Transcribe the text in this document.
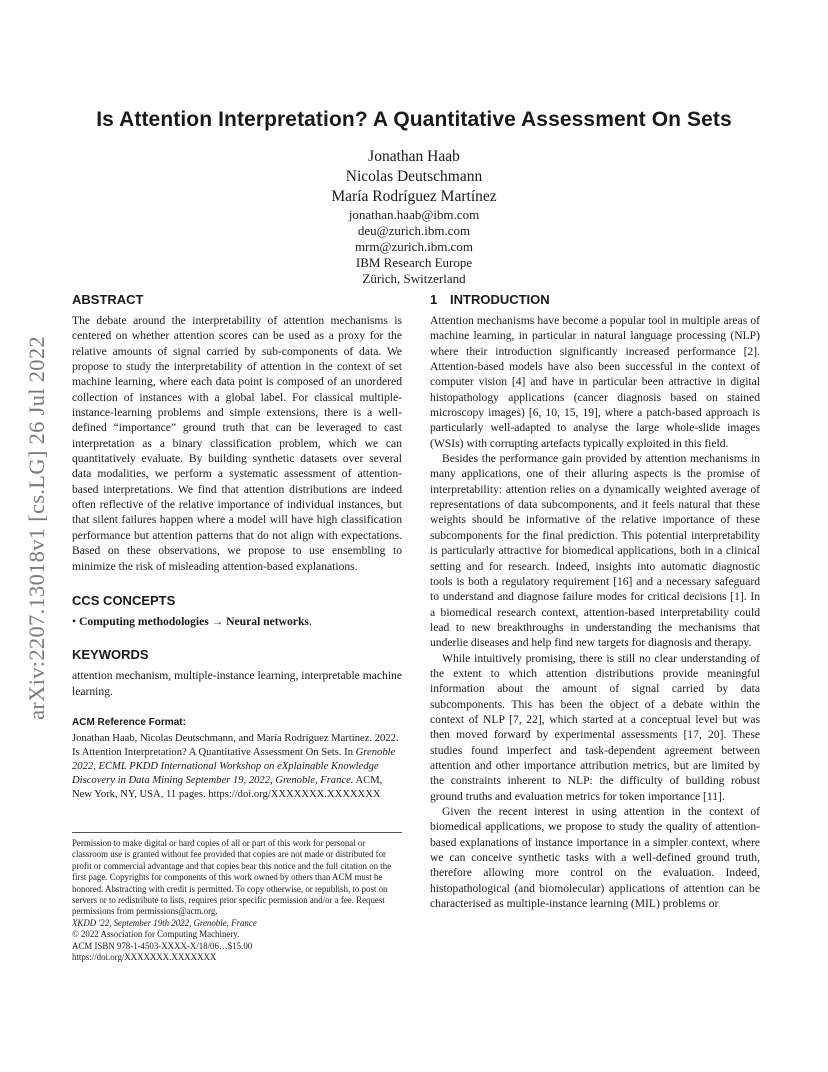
Is Attention Interpretation? A Quantitative Assessment On Sets
Jonathan Haab
Nicolas Deutschmann
María Rodríguez Martínez
jonathan.haab@ibm.com
deu@zurich.ibm.com
mrm@zurich.ibm.com
IBM Research Europe
Zürich, Switzerland
arXiv:2207.13018v1 [cs.LG] 26 Jul 2022
ABSTRACT

The debate around the interpretability of attention mechanisms is centered on whether attention scores can be used as a proxy for the relative amounts of signal carried by sub-components of data. We propose to study the interpretability of attention in the context of set machine learning, where each data point is composed of an unordered collection of instances with a global label. For classical multiple-instance-learning problems and simple extensions, there is a well-defined “importance” ground truth that can be leveraged to cast interpretation as a binary classification problem, which we can quantitatively evaluate. By building synthetic datasets over several data modalities, we perform a systematic assessment of attention-based interpretations. We find that attention distributions are indeed often reflective of the relative importance of individual instances, but that silent failures happen where a model will have high classification performance but attention patterns that do not align with expectations. Based on these observations, we propose to use ensembling to minimize the risk of misleading attention-based explanations.

CCS CONCEPTS

• Computing methodologies → Neural networks.

KEYWORDS

attention mechanism, multiple-instance learning, interpretable machine learning.

ACM Reference Format:

Jonathan Haab, Nicolas Deutschmann, and María Rodríguez Martínez. 2022. Is Attention Interpretation? A Quantitative Assessment On Sets. In Grenoble 2022, ECML PKDD International Workshop on eXplainable Knowledge Discovery in Data Mining September 19, 2022, Grenoble, France. ACM, New York, NY, USA, 11 pages. https://doi.org/XXXXXXX.XXXXXXX

Permission to make digital or hard copies of all or part of this work for personal or classroom use is granted without fee provided that copies are not made or distributed for profit or commercial advantage and that copies bear this notice and the full citation on the first page. Copyrights for components of this work owned by others than ACM must be honored. Abstracting with credit is permitted. To copy otherwise, or republish, to post on servers or to redistribute to lists, requires prior specific permission and/or a fee. Request permissions from permissions@acm.org.

XKDD '22, September 19th 2022, Grenoble, France
© 2022 Association for Computing Machinery.
ACM ISBN 978-1-4503-XXXX-X/18/06…$15.00
https://doi.org/XXXXXXX.XXXXXXX
1 INTRODUCTION

Attention mechanisms have become a popular tool in multiple areas of machine learning, in particular in natural language processing (NLP) where their introduction significantly increased performance [2]. Attention-based models have also been successful in the context of computer vision [4] and have in particular been attractive in digital histopathology applications (cancer diagnosis based on stained microscopy images) [6, 10, 15, 19], where a patch-based approach is particularly well-adapted to analyse the large whole-slide images (WSIs) with corrupting artefacts typically exploited in this field.

Besides the performance gain provided by attention mechanisms in many applications, one of their alluring aspects is the promise of interpretability: attention relies on a dynamically weighted average of representations of data subcomponents, and it feels natural that these weights should be informative of the relative importance of these subcomponents for the final prediction. This potential interpretability is particularly attractive for biomedical applications, both in a clinical setting and for research. Indeed, insights into automatic diagnostic tools is both a regulatory requirement [16] and a necessary safeguard to understand and diagnose failure modes for critical decisions [1]. In a biomedical research context, attention-based interpretability could lead to new breakthroughs in understanding the mechanisms that underlie diseases and help find new targets for diagnosis and therapy.

While intuitively promising, there is still no clear understanding of the extent to which attention distributions provide meaningful information about the amount of signal carried by data subcomponents. This has been the object of a debate within the context of NLP [7, 22], which started at a conceptual level but was then moved forward by experimental assessments [17, 20]. These studies found imperfect and task-dependent agreement between attention and other importance attribution metrics, but are limited by the constraints inherent to NLP: the difficulty of building robust ground truths and evaluation metrics for token importance [11].

Given the recent interest in using attention in the context of biomedical applications, we propose to study the quality of attention-based explanations of instance importance in a simpler context, where we can conceive synthetic tasks with a well-defined ground truth, therefore allowing more control on the evaluation. Indeed, histopathological (and biomolecular) applications of attention can be characterised as multiple-instance learning (MIL) problems or
